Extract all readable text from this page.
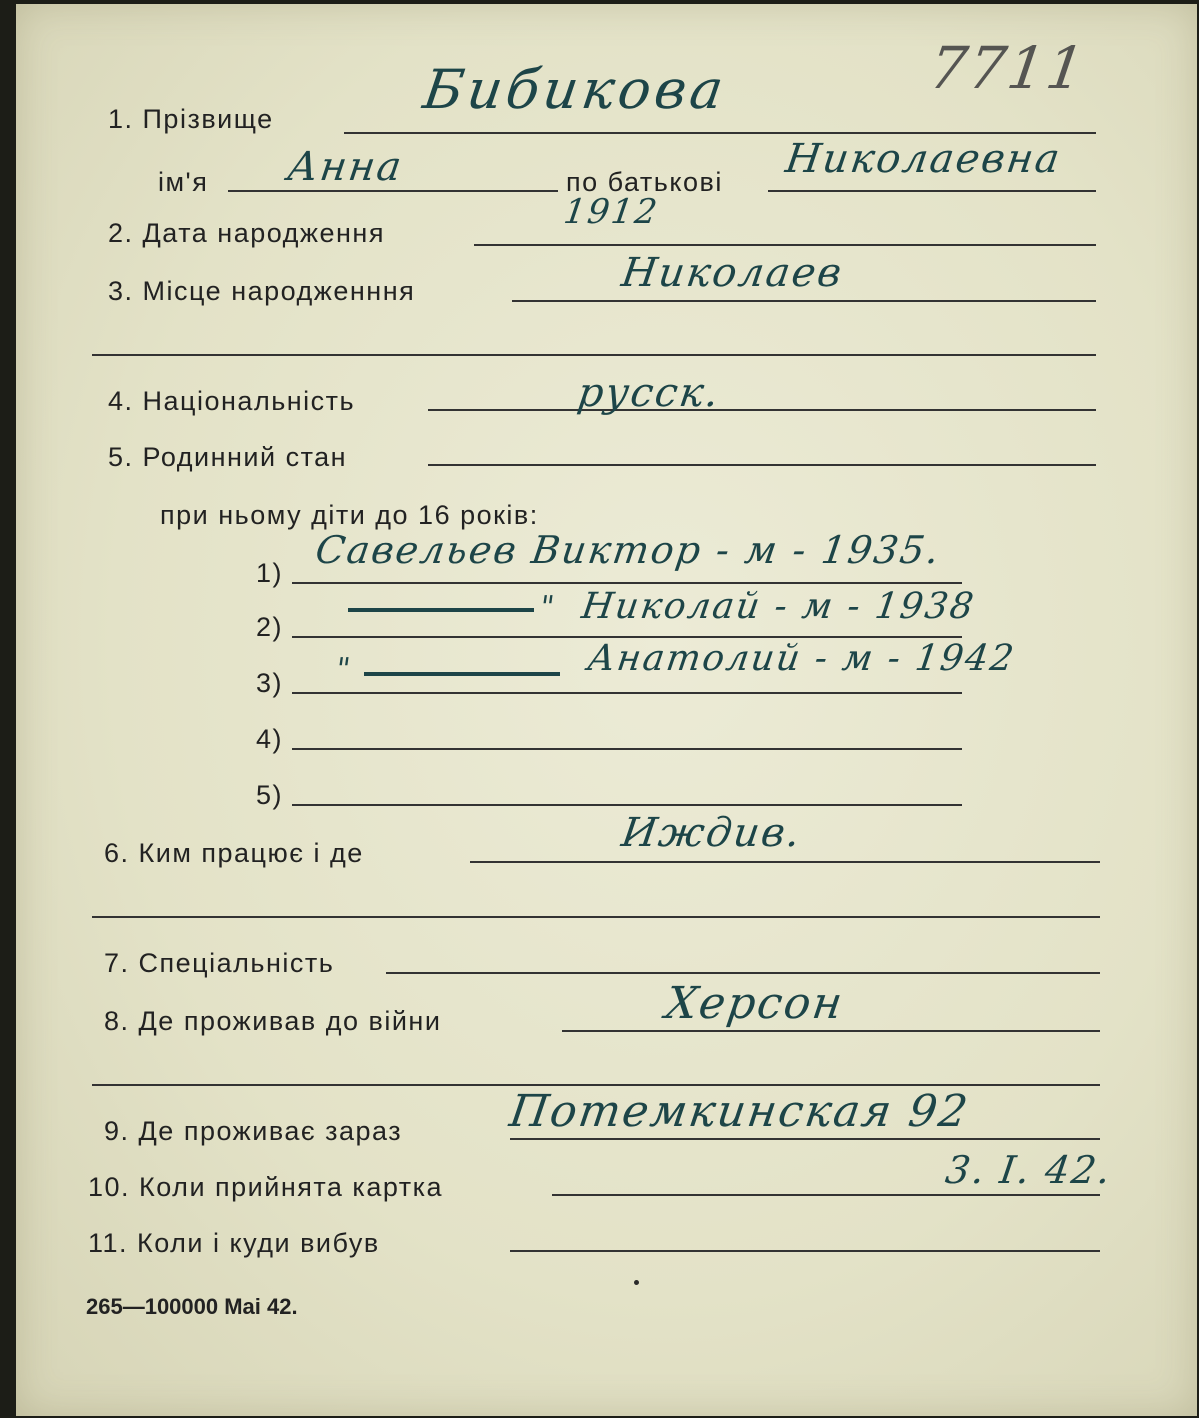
7711
1. Прізвище	Бибикова
ім'я Анна	по батькові Николаевна
2. Дата народження
1912
3. Місце народженння	Николаев
4. Національність	русск.
5. Родинний стан
при ньому діти до 16 років:
1)
Савельев Виктор - м - 1935.
2)
" Николай - м - 1938
3) "	Анатолий - м - 1942
4)
5)
6. Ким працює і де	Иждив.
7. Спеціальність
8. Де проживав до війни	Херсон
9. Де проживає зараз Потемкинская 92
10. Коли прийнята картка	3. I. 42.
11. Коли і куди вибув
265—100000 Mai 42.
